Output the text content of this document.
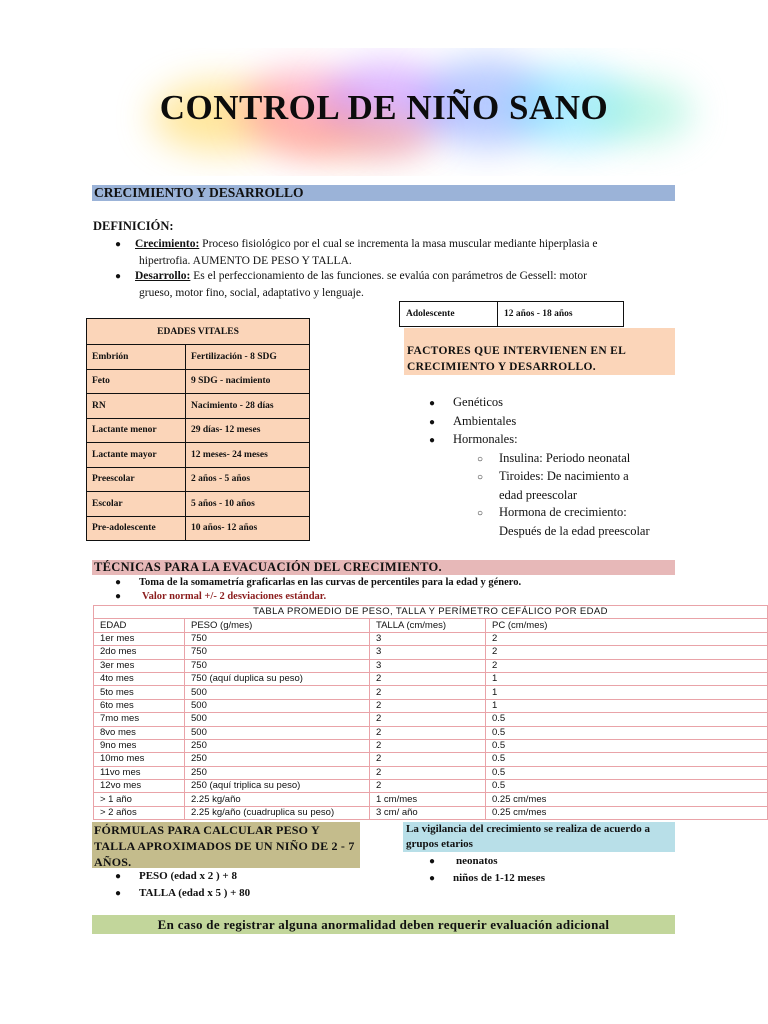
CONTROL DE NIÑO SANO
CRECIMIENTO Y DESARROLLO
DEFINICIÓN:
● Crecimiento: Proceso fisiológico por el cual se incrementa la masa muscular mediante hiperplasia e
hipertrofia. AUMENTO DE PESO Y TALLA.
● Desarrollo: Es el perfeccionamiento de las funciones. se evalúa con parámetros de Gessell: motor
grueso, motor fino, social, adaptativo y lenguaje.
Adolescente	12 años - 18 años
EDADES VITALES	
Embrión	Fertilización - 8 SDG
Feto	9 SDG - nacimiento
RN	Nacimiento - 28 días
Lactante menor	29 días- 12 meses
Lactante mayor	12 meses- 24 meses
Preescolar	2 años - 5 años
Escolar	5 años - 10 años
Pre-adolescente	10 años- 12 años
FACTORES QUE INTERVIENEN EN EL CRECIMIENTO Y DESARROLLO.
● Genéticos
● Ambientales
● Hormonales:
○ Insulina: Periodo neonatal
○ Tiroides: De nacimiento a
edad preescolar
○ Hormona de crecimiento:
Después de la edad preescolar
TÉCNICAS PARA LA EVACUACIÓN DEL CRECIMIENTO.
● Toma de la somametría graficarlas en las curvas de percentiles para la edad y género.
● Valor normal +/- 2 desviaciones estándar.
TABLA PROMEDIO DE PESO, TALLA Y PERÍMETRO CEFÁLICO POR EDAD			
EDAD	PESO (g/mes)	TALLA (cm/mes)	PC (cm/mes)
1er mes	750	3	2
2do mes	750	3	2
3er mes	750	3	2
4to mes	750 (aquí duplica su peso)	2	1
5to mes	500	2	1
6to mes	500	2	1
7mo mes	500	2	0.5
8vo mes	500	2	0.5
9no mes	250	2	0.5
10mo mes	250	2	0.5
11vo mes	250	2	0.5
12vo mes	250 (aquí triplica su peso)	2	0.5
> 1 año	2.25 kg/año	1 cm/mes	0.25 cm/mes
> 2 años	2.25 kg/año (cuadruplica su peso)	3 cm/ año	0.25 cm/mes
FÓRMULAS PARA CALCULAR PESO Y TALLA APROXIMADOS DE UN NIÑO DE 2 - 7 AÑOS.
● PESO (edad x 2 ) + 8
● TALLA (edad x 5 ) + 80
La vigilancia del crecimiento se realiza de acuerdo a grupos etarios
● neonatos
● niños de 1-12 meses
En caso de registrar alguna anormalidad deben requerir evaluación adicional
